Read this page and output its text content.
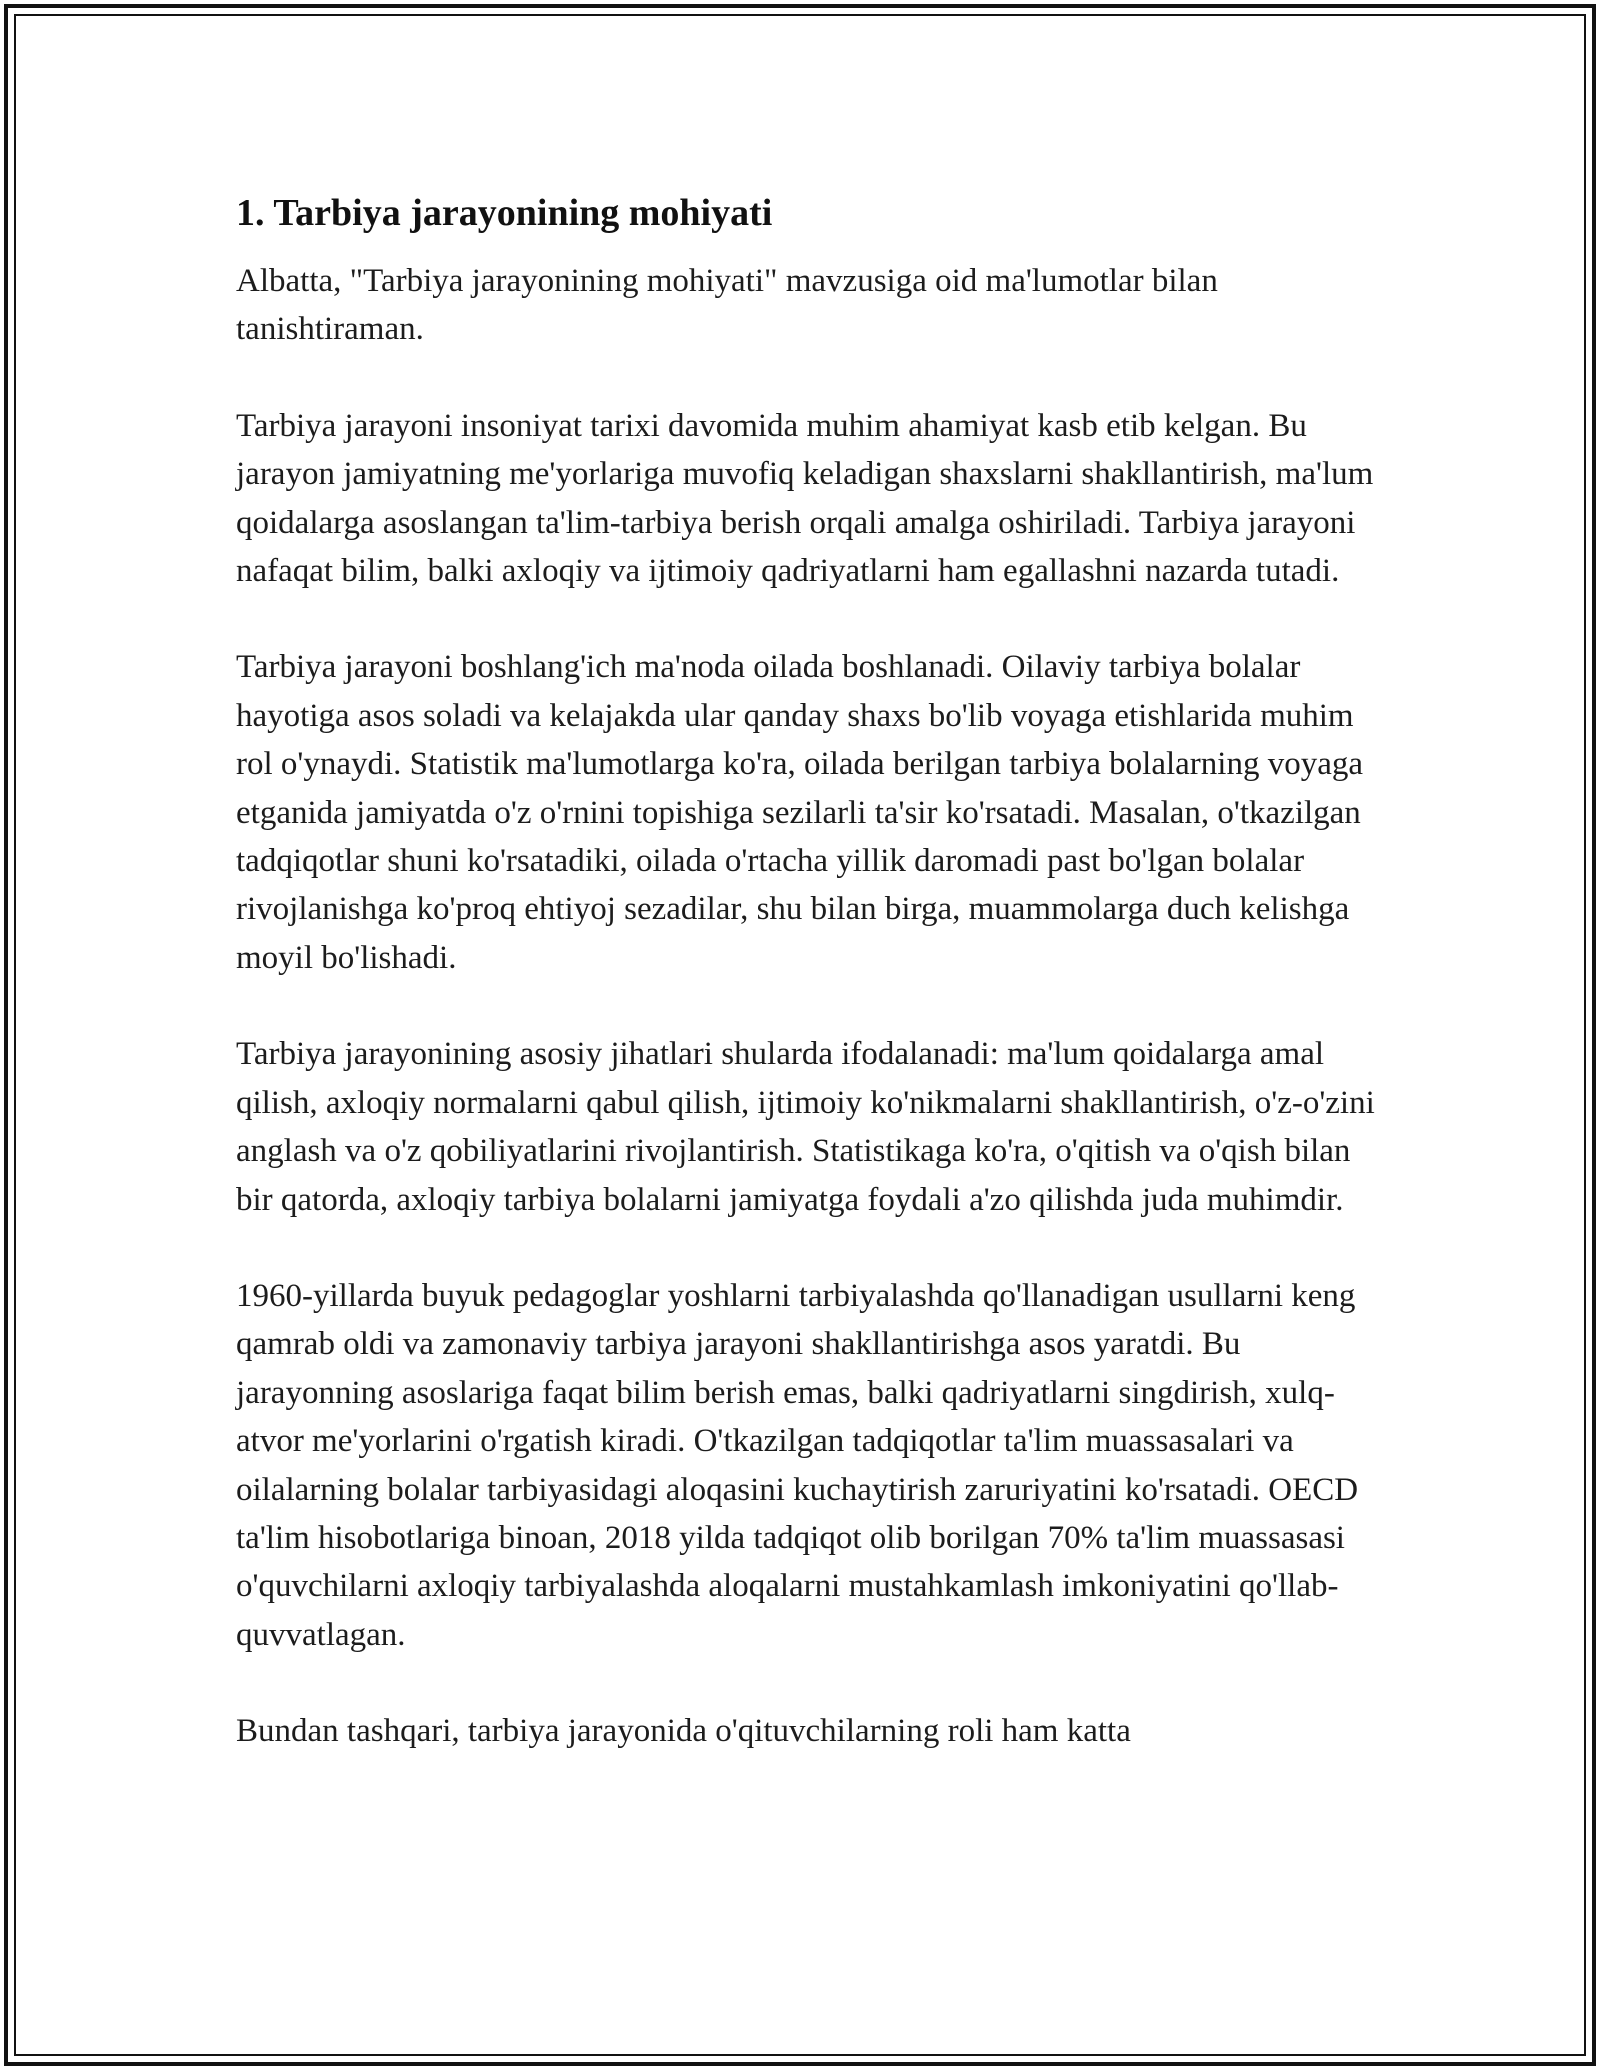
1. Tarbiya jarayonining mohiyati

Albatta, "Tarbiya jarayonining mohiyati" mavzusiga oid ma'lumotlar bilan tanishtiraman.

Tarbiya jarayoni insoniyat tarixi davomida muhim ahamiyat kasb etib kelgan. Bu jarayon jamiyatning me'yorlariga muvofiq keladigan shaxslarni shakllantirish, ma'lum qoidalarga asoslangan ta'lim-tarbiya berish orqali amalga oshiriladi. Tarbiya jarayoni nafaqat bilim, balki axloqiy va ijtimoiy qadriyatlarni ham egallashni nazarda tutadi.

Tarbiya jarayoni boshlang'ich ma'noda oilada boshlanadi. Oilaviy tarbiya bolalar hayotiga asos soladi va kelajakda ular qanday shaxs bo'lib voyaga etishlarida muhim rol o'ynaydi. Statistik ma'lumotlarga ko'ra, oilada berilgan tarbiya bolalarning voyaga etganida jamiyatda o'z o'rnini topishiga sezilarli ta'sir ko'rsatadi. Masalan, o'tkazilgan tadqiqotlar shuni ko'rsatadiki, oilada o'rtacha yillik daromadi past bo'lgan bolalar rivojlanishga ko'proq ehtiyoj sezadilar, shu bilan birga, muammolarga duch kelishga moyil bo'lishadi.

Tarbiya jarayonining asosiy jihatlari shularda ifodalanadi: ma'lum qoidalarga amal qilish, axloqiy normalarni qabul qilish, ijtimoiy ko'nikmalarni shakllantirish, o'z-o'zini anglash va o'z qobiliyatlarini rivojlantirish. Statistikaga ko'ra, o'qitish va o'qish bilan bir qatorda, axloqiy tarbiya bolalarni jamiyatga foydali a'zo qilishda juda muhimdir.

1960-yillarda buyuk pedagoglar yoshlarni tarbiyalashda qo'llanadigan usullarni keng qamrab oldi va zamonaviy tarbiya jarayoni shakllantirishga asos yaratdi. Bu jarayonning asoslariga faqat bilim berish emas, balki qadriyatlarni singdirish, xulq-atvor me'yorlarini o'rgatish kiradi. O'tkazilgan tadqiqotlar ta'lim muassasalari va oilalarning bolalar tarbiyasidagi aloqasini kuchaytirish zaruriyatini ko'rsatadi. OECD ta'lim hisobotlariga binoan, 2018 yilda tadqiqot olib borilgan 70% ta'lim muassasasi o'quvchilarni axloqiy tarbiyalashda aloqalarni mustahkamlash imkoniyatini qo'llab-quvvatlagan.

Bundan tashqari, tarbiya jarayonida o'qituvchilarning roli ham katta
